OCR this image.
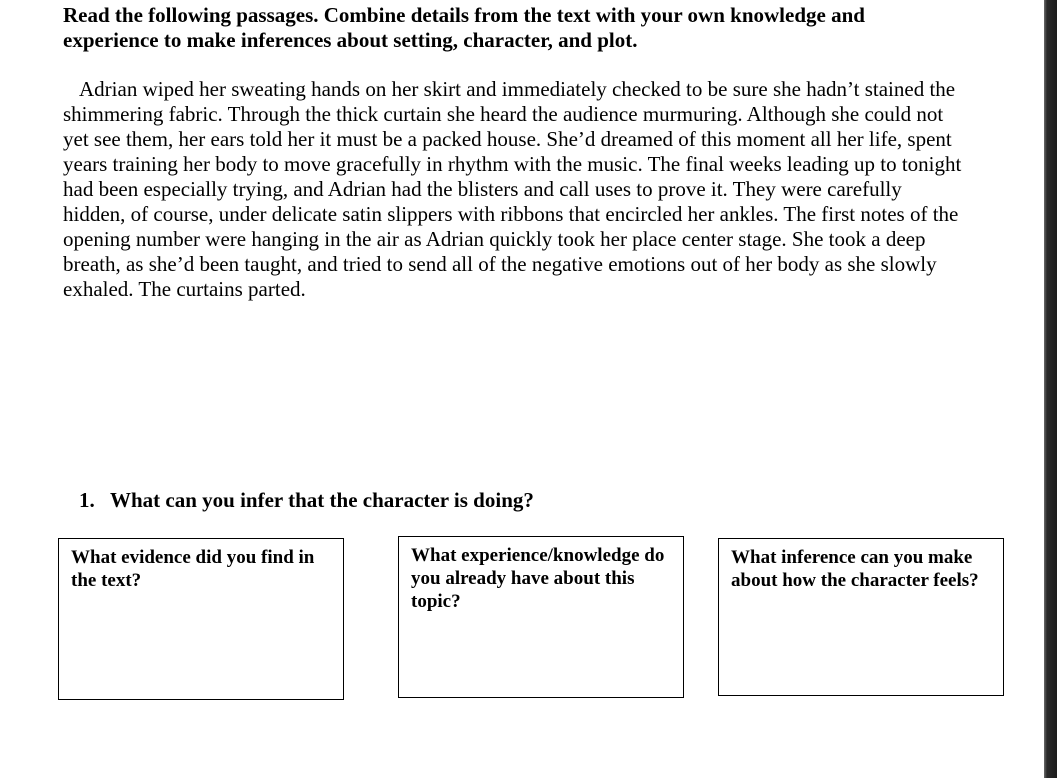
Read the following passages. Combine details from the text with your own knowledge and experience to make inferences about setting, character, and plot.

Adrian wiped her sweating hands on her skirt and immediately checked to be sure she hadn’t stained the shimmering fabric. Through the thick curtain she heard the audience murmuring. Although she could not yet see them, her ears told her it must be a packed house. She’d dreamed of this moment all her life, spent years training her body to move gracefully in rhythm with the music. The final weeks leading up to tonight had been especially trying, and Adrian had the blisters and call uses to prove it. They were carefully hidden, of course, under delicate satin slippers with ribbons that encircled her ankles. The first notes of the opening number were hanging in the air as Adrian quickly took her place center stage. She took a deep breath, as she’d been taught, and tried to send all of the negative emotions out of her body as she slowly exhaled. The curtains parted.

1. What can you infer that the character is doing?
What evidence did you find in the text?
What experience/knowledge do you already have about this topic?
What inference can you make about how the character feels?
